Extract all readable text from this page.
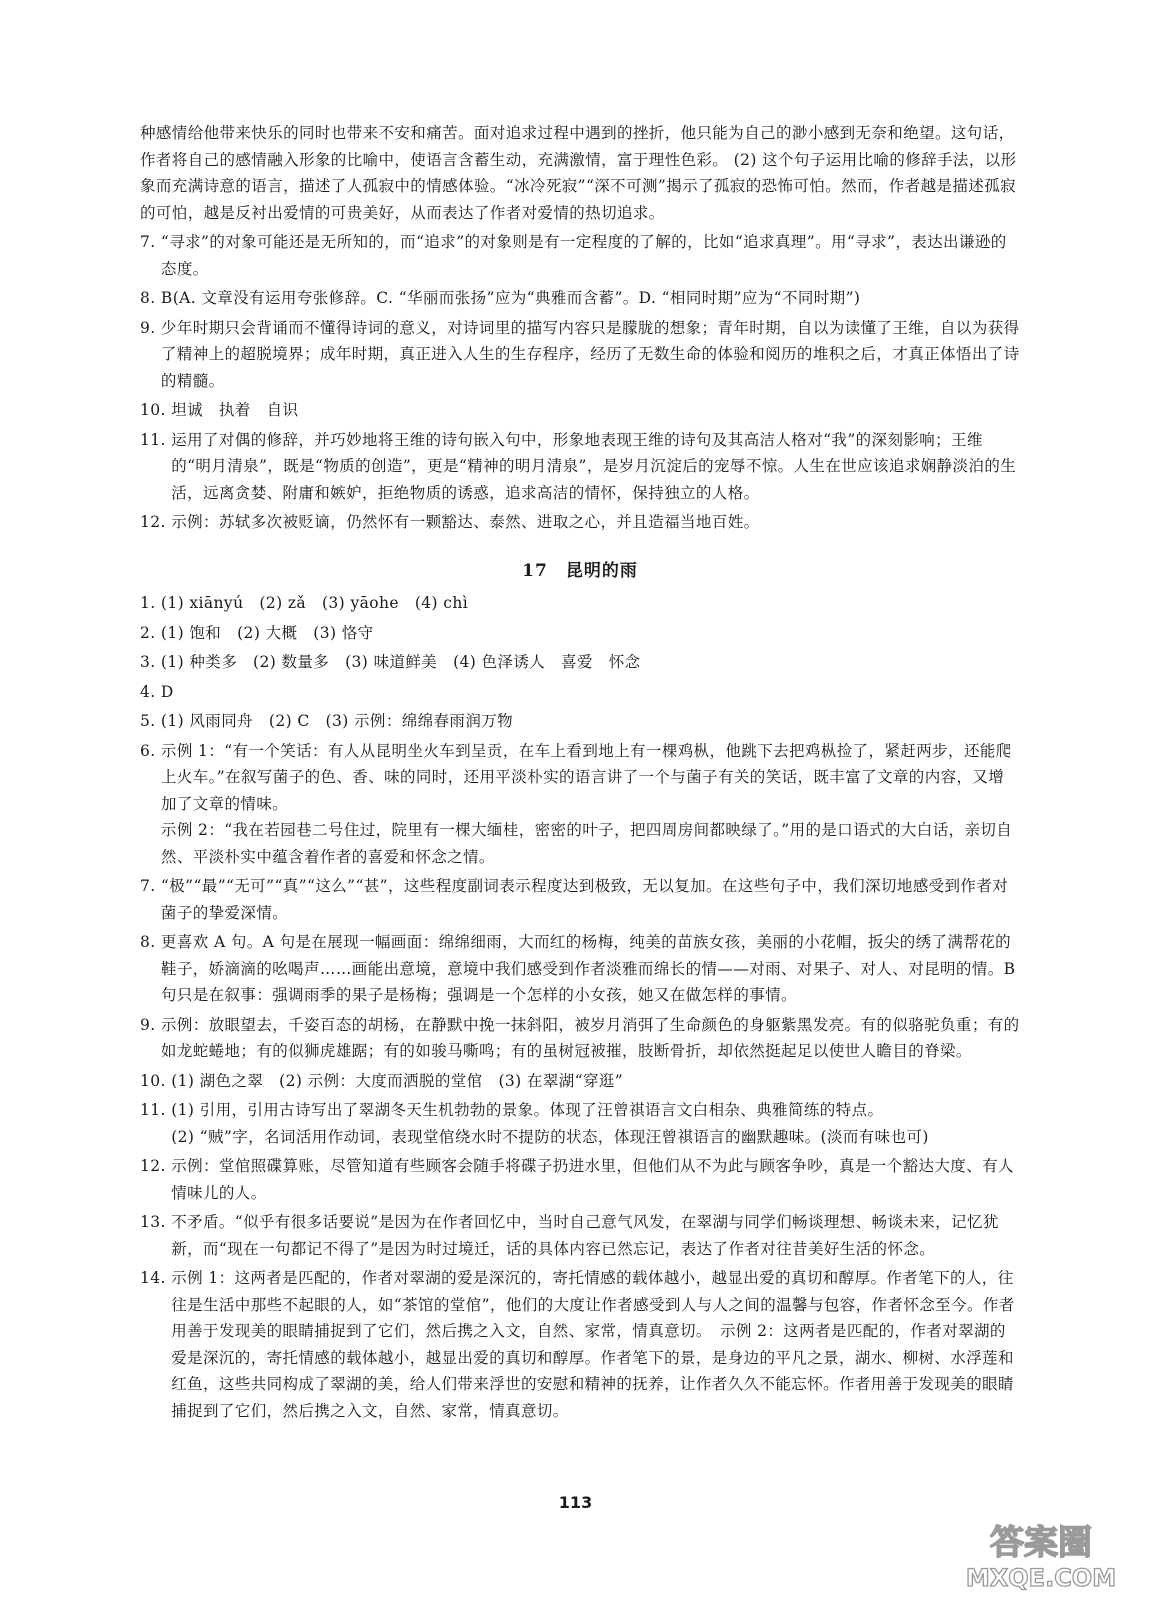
种感情给他带来快乐的同时也带来不安和痛苦。面对追求过程中遇到的挫折，他只能为自己的渺小感到无奈和绝望。这句话，作者将自己的感情融入形象的比喻中，使语言含蓄生动，充满激情，富于理性色彩。 (2) 这个句子运用比喻的修辞手法，以形象而充满诗意的语言，描述了人孤寂中的情感体验。“冰冷死寂”“深不可测”揭示了孤寂的恐怖可怕。然而，作者越是描述孤寂的可怕，越是反衬出爱情的可贵美好，从而表达了作者对爱情的热切追求。

7. “寻求”的对象可能还是无所知的，而“追求”的对象则是有一定程度的了解的，比如“追求真理”。用“寻求”，表达出谦逊的态度。
8. B(A. 文章没有运用夸张修辞。C. “华丽而张扬”应为“典雅而含蓄”。D. “相同时期”应为“不同时期”)
9. 少年时期只会背诵而不懂得诗词的意义，对诗词里的描写内容只是朦胧的想象；青年时期，自以为读懂了王维，自以为获得了精神上的超脱境界；成年时期，真正进入人生的生存程序，经历了无数生命的体验和阅历的堆积之后，才真正体悟出了诗的精髓。
10. 坦诚　执着　自识
11. 运用了对偶的修辞，并巧妙地将王维的诗句嵌入句中，形象地表现王维的诗句及其高洁人格对“我”的深刻影响；王维的“明月清泉”，既是“物质的创造”，更是“精神的明月清泉”，是岁月沉淀后的宠辱不惊。人生在世应该追求娴静淡泊的生活，远离贪婪、附庸和嫉妒，拒绝物质的诱惑，追求高洁的情怀，保持独立的人格。
12. 示例：苏轼多次被贬谪，仍然怀有一颗豁达、泰然、进取之心，并且造福当地百姓。
17　昆明的雨
1. (1) xiānyú　(2) zǎ　(3) yāohe　(4) chì
2. (1) 饱和　(2) 大概　(3) 恪守
3. (1) 种类多　(2) 数量多　(3) 味道鲜美　(4) 色泽诱人　喜爱　怀念
4. D
5. (1) 风雨同舟　(2) C　(3) 示例：绵绵春雨润万物
6. 示例 1：“有一个笑话：有人从昆明坐火车到呈贡，在车上看到地上有一棵鸡枞，他跳下去把鸡枞捡了，紧赶两步，还能爬上火车。”在叙写菌子的色、香、味的同时，还用平淡朴实的语言讲了一个与菌子有关的笑话，既丰富了文章的内容，又增加了文章的情味。
示例 2：“我在若园巷二号住过，院里有一棵大缅桂，密密的叶子，把四周房间都映绿了。”用的是口语式的大白话，亲切自然、平淡朴实中蕴含着作者的喜爱和怀念之情。
7. “极”“最”“无可”“真”“这么”“甚”，这些程度副词表示程度达到极致，无以复加。在这些句子中，我们深切地感受到作者对菌子的挚爱深情。
8. 更喜欢 A 句。A 句是在展现一幅画面：绵绵细雨，大而红的杨梅，纯美的苗族女孩，美丽的小花帽，扳尖的绣了满帮花的鞋子，娇滴滴的吆喝声……画能出意境，意境中我们感受到作者淡雅而绵长的情——对雨、对果子、对人、对昆明的情。B 句只是在叙事：强调雨季的果子是杨梅；强调是一个怎样的小女孩，她又在做怎样的事情。
9. 示例：放眼望去，千姿百态的胡杨，在静默中挽一抹斜阳，被岁月消弭了生命颜色的身躯紫黑发亮。有的似骆驼负重；有的如龙蛇蜷地；有的似狮虎雄踞；有的如骏马嘶鸣；有的虽树冠被摧，肢断骨折，却依然挺起足以使世人瞻目的脊梁。
10. (1) 湖色之翠　(2) 示例：大度而洒脱的堂倌　(3) 在翠湖“穿逛”
11. (1) 引用，引用古诗写出了翠湖冬天生机勃勃的景象。体现了汪曾祺语言文白相杂、典雅简练的特点。
(2) “贼”字，名词活用作动词，表现堂倌绕水时不提防的状态，体现汪曾祺语言的幽默趣味。(淡而有味也可)
12. 示例：堂倌照碟算账，尽管知道有些顾客会随手将碟子扔进水里，但他们从不为此与顾客争吵，真是一个豁达大度、有人情味儿的人。
13. 不矛盾。“似乎有很多话要说”是因为在作者回忆中，当时自己意气风发，在翠湖与同学们畅谈理想、畅谈未来，记忆犹新，而“现在一句都记不得了”是因为时过境迁，话的具体内容已然忘记，表达了作者对往昔美好生活的怀念。
14. 示例 1：这两者是匹配的，作者对翠湖的爱是深沉的，寄托情感的载体越小，越显出爱的真切和醇厚。作者笔下的人，往往是生活中那些不起眼的人，如“茶馆的堂倌”，他们的大度让作者感受到人与人之间的温馨与包容，作者怀念至今。作者用善于发现美的眼睛捕捉到了它们，然后携之入文，自然、家常，情真意切。　示例 2：这两者是匹配的，作者对翠湖的爱是深沉的，寄托情感的载体越小，越显出爱的真切和醇厚。作者笔下的景，是身边的平凡之景，湖水、柳树、水浮莲和红鱼，这些共同构成了翠湖的美，给人们带来浮世的安慰和精神的抚养，让作者久久不能忘怀。作者用善于发现美的眼睛捕捉到了它们，然后携之入文，自然、家常，情真意切。
113
答案圈
MXQE.COM
